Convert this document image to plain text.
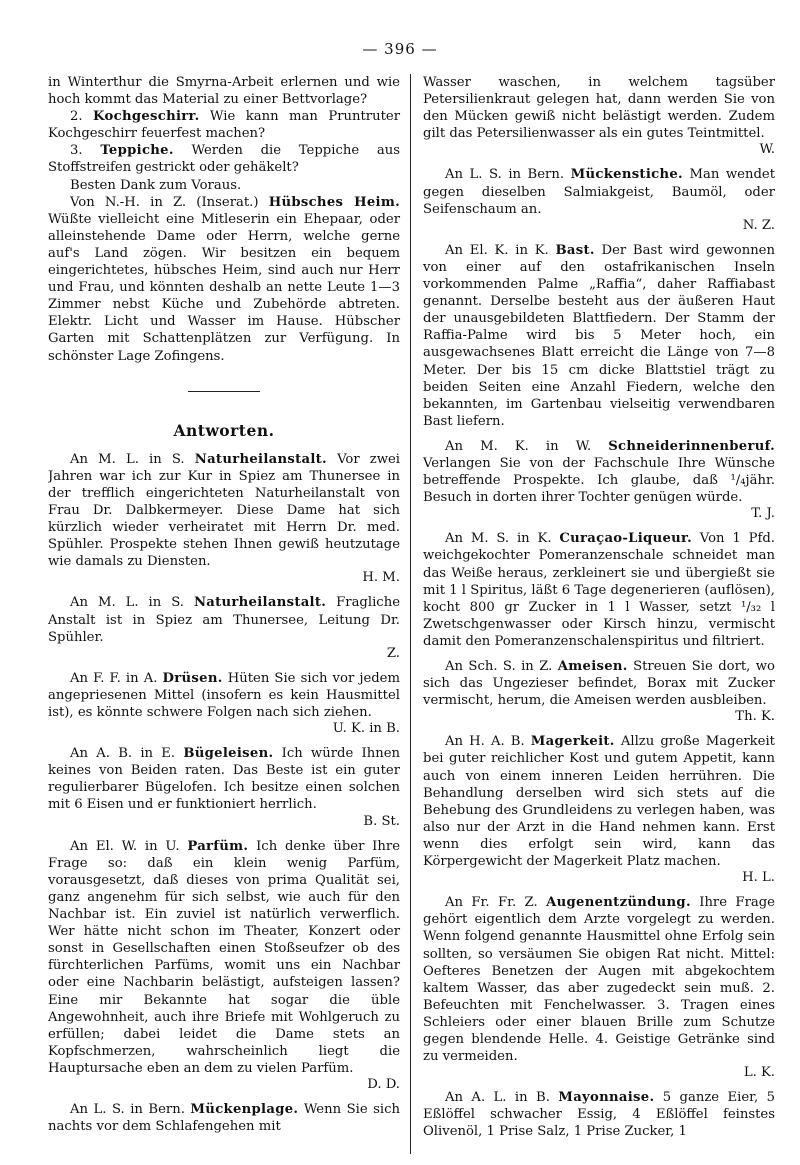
— 396 —

in Winterthur die Smyrna-Arbeit erlernen und wie hoch kommt das Material zu einer Bettvorlage?

2. Kochgeschirr. Wie kann man Pruntruter Kochgeschirr feuerfest machen?

3. Teppiche. Werden die Teppiche aus Stoffstreifen gestrickt oder gehäkelt?

Besten Dank zum Voraus.

Von N.-H. in Z. (Inserat.) Hübsches Heim. Wüßte vielleicht eine Mitleserin ein Ehepaar, oder alleinstehende Dame oder Herrn, welche gerne auf's Land zögen. Wir besitzen ein bequem eingerichtetes, hübsches Heim, sind auch nur Herr und Frau, und könnten deshalb an nette Leute 1—3 Zimmer nebst Küche und Zubehörde abtreten. Elektr. Licht und Wasser im Hause. Hübscher Garten mit Schattenplätzen zur Verfügung. In schönster Lage Zofingens.

Antworten.

An M. L. in S. Naturheilanstalt. Vor zwei Jahren war ich zur Kur in Spiez am Thunersee in der trefflich eingerichteten Naturheilanstalt von Frau Dr. Dalbkermeyer. Diese Dame hat sich kürzlich wieder verheiratet mit Herrn Dr. med. Spühler. Prospekte stehen Ihnen gewiß heutzutage wie damals zu Diensten.
H. M.

An M. L. in S. Naturheilanstalt. Fragliche Anstalt ist in Spiez am Thunersee, Leitung Dr. Spühler.
Z.

An F. F. in A. Drüsen. Hüten Sie sich vor jedem angepriesenen Mittel (insofern es kein Hausmittel ist), es könnte schwere Folgen nach sich ziehen.
U. K. in B.

An A. B. in E. Bügeleisen. Ich würde Ihnen keines von Beiden raten. Das Beste ist ein guter regulierbarer Bügelofen. Ich besitze einen solchen mit 6 Eisen und er funktioniert herrlich.
B. St.

An El. W. in U. Parfüm. Ich denke über Ihre Frage so: daß ein klein wenig Parfüm, vorausgesetzt, daß dieses von prima Qualität sei, ganz angenehm für sich selbst, wie auch für den Nachbar ist. Ein zuviel ist natürlich verwerflich. Wer hätte nicht schon im Theater, Konzert oder sonst in Gesellschaften einen Stoßseufzer ob des fürchterlichen Parfüms, womit uns ein Nachbar oder eine Nachbarin belästigt, aufsteigen lassen? Eine mir Bekannte hat sogar die üble Angewohnheit, auch ihre Briefe mit Wohlgeruch zu erfüllen; dabei leidet die Dame stets an Kopfschmerzen, wahrscheinlich liegt die Hauptursache eben an dem zu vielen Parfüm.
D. D.

An L. S. in Bern. Mückenplage. Wenn Sie sich nachts vor dem Schlafengehen mit

Wasser waschen, in welchem tagsüber Petersilienkraut gelegen hat, dann werden Sie von den Mücken gewiß nicht belästigt werden. Zudem gilt das Petersilienwasser als ein gutes Teintmittel.
W.

An L. S. in Bern. Mückenstiche. Man wendet gegen dieselben Salmiakgeist, Baumöl, oder Seifenschaum an.
N. Z.

An El. K. in K. Bast. Der Bast wird gewonnen von einer auf den ostafrikanischen Inseln vorkommenden Palme „Raffia“, daher Raffiabast genannt. Derselbe besteht aus der äußeren Haut der unausgebildeten Blattfiedern. Der Stamm der Raffia-Palme wird bis 5 Meter hoch, ein ausgewachsenes Blatt erreicht die Länge von 7—8 Meter. Der bis 15 cm dicke Blattstiel trägt zu beiden Seiten eine Anzahl Fiedern, welche den bekannten, im Gartenbau vielseitig verwendbaren Bast liefern.

An M. K. in W. Schneiderinnenberuf. Verlangen Sie von der Fachschule Ihre Wünsche betreffende Prospekte. Ich glaube, daß ¹/₄jähr. Besuch in dorten ihrer Tochter genügen würde.
T. J.

An M. S. in K. Curaçao-Liqueur. Von 1 Pfd. weichgekochter Pomeranzenschale schneidet man das Weiße heraus, zerkleinert sie und übergießt sie mit 1 l Spiritus, läßt 6 Tage degenerieren (auflösen), kocht 800 gr Zucker in 1 l Wasser, setzt ¹/₃₂ l Zwetschgenwasser oder Kirsch hinzu, vermischt damit den Pomeranzenschalenspiritus und filtriert.

An Sch. S. in Z. Ameisen. Streuen Sie dort, wo sich das Ungezieser befindet, Borax mit Zucker vermischt, herum, die Ameisen werden ausbleiben.
Th. K.

An H. A. B. Magerkeit. Allzu große Magerkeit bei guter reichlicher Kost und gutem Appetit, kann auch von einem inneren Leiden herrühren. Die Behandlung derselben wird sich stets auf die Behebung des Grundleidens zu verlegen haben, was also nur der Arzt in die Hand nehmen kann. Erst wenn dies erfolgt sein wird, kann das Körpergewicht der Magerkeit Platz machen.
H. L.

An Fr. Fr. Z. Augenentzündung. Ihre Frage gehört eigentlich dem Arzte vorgelegt zu werden. Wenn folgend genannte Hausmittel ohne Erfolg sein sollten, so versäumen Sie obigen Rat nicht. Mittel: Oefteres Benetzen der Augen mit abgekochtem kaltem Wasser, das aber zugedeckt sein muß. 2. Befeuchten mit Fenchelwasser. 3. Tragen eines Schleiers oder einer blauen Brille zum Schutze gegen blendende Helle. 4. Geistige Getränke sind zu vermeiden.
L. K.

An A. L. in B. Mayonnaise. 5 ganze Eier, 5 Eßlöffel schwacher Essig, 4 Eßlöffel feinstes Olivenöl, 1 Prise Salz, 1 Prise Zucker, 1
